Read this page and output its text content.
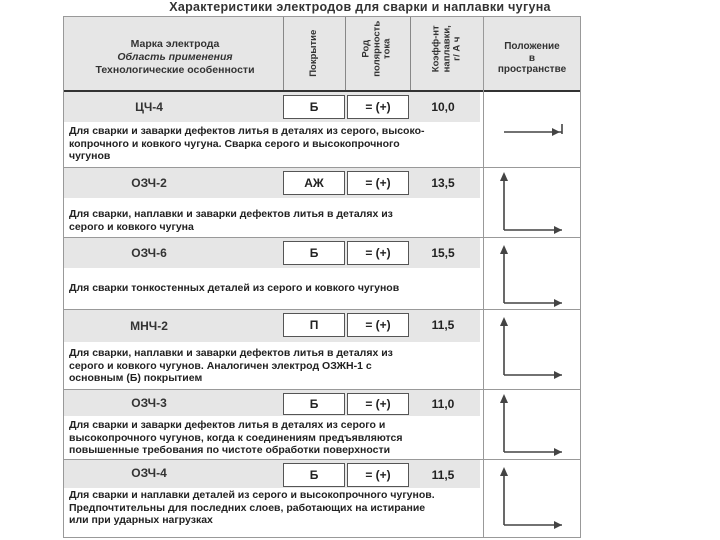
Характеристики электродов для сварки и наплавки чугуна
Марка электрода
Область применения
Технологические особенности	Покрытие	Род полярность тока	Коэфф-нт наплавки, г/ А ч	Положение
в
пространстве
ЦЧ-4	Б	= (+)	10,0
Для сварки и заварки дефектов литья в деталях из серого, высоко-
копрочного и ковкого чугуна. Сварка серого и высокопрочного
чугунов
ОЗЧ-2	АЖ	= (+)	13,5
Для сварки, наплавки и заварки дефектов литья в деталях из
серого и ковкого чугуна
ОЗЧ-6	Б	= (+)	15,5
Для сварки тонкостенных деталей из серого и ковкого чугунов
МНЧ-2	П	= (+)	11,5
Для сварки, наплавки и заварки дефектов литья в деталях из
серого и ковкого чугунов. Аналогичен электрод ОЗЖН-1 с
основным (Б) покрытием
ОЗЧ-3	Б	= (+)	11,0
Для сварки и заварки дефектов литья в деталях из серого и
высокопрочного чугунов, когда к соединениям предъявляются
повышенные требования по чистоте обработки поверхности
ОЗЧ-4	Б	= (+)	11,5
Для сварки и наплавки деталей из серого и высокопрочного чугунов.
Предпочтительны для последних слоев, работающих на истирание
или при ударных нагрузках
